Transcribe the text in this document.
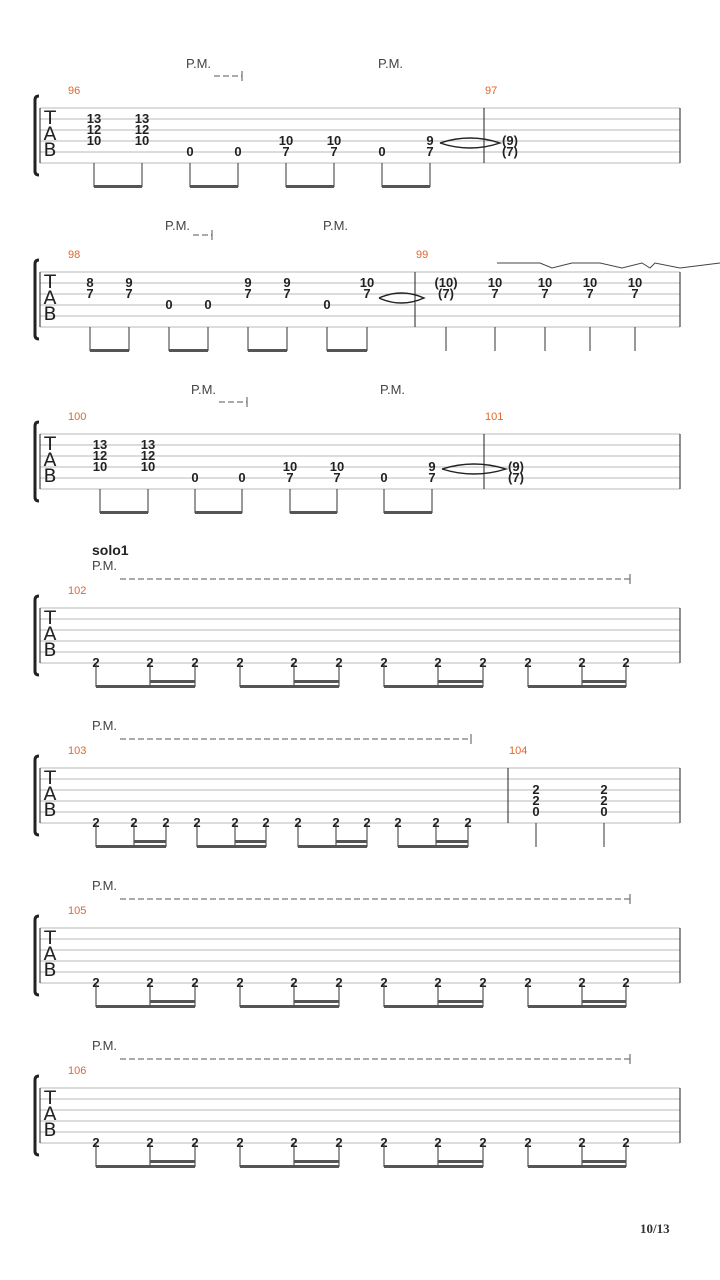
T
A
B
P.M.	P.M.
96	97
13
12
10
13
12
10
0	0
10
7
10
7	0
9
7
(9)
(7)
T
A
B
P.M.	P.M.
100	101
13
12
10
13
12
10
0	0
10
7
10
7	0
9
7
(9)
(7)
T
A
B
P.M.	P.M.
98	99
8
7
9
7
0 0
9
7
9
7
0
10
7
(10)
(7)
10
7
10
7
10
7
10
7
solo1
T
A
B
P.M.
102
2	2	2	2	2	2	2	2	2	2	2	2
T
A
B
P.M.
103
2 2 2 2 2 2 2 2 2 2 2 2
104
2
2
0
2
2
0
T
A
B
P.M.
105
2	2	2	2	2	2	2	2	2	2	2	2
T
A
B
P.M.
106
2	2	2	2	2	2	2	2	2	2	2	2
10/13
